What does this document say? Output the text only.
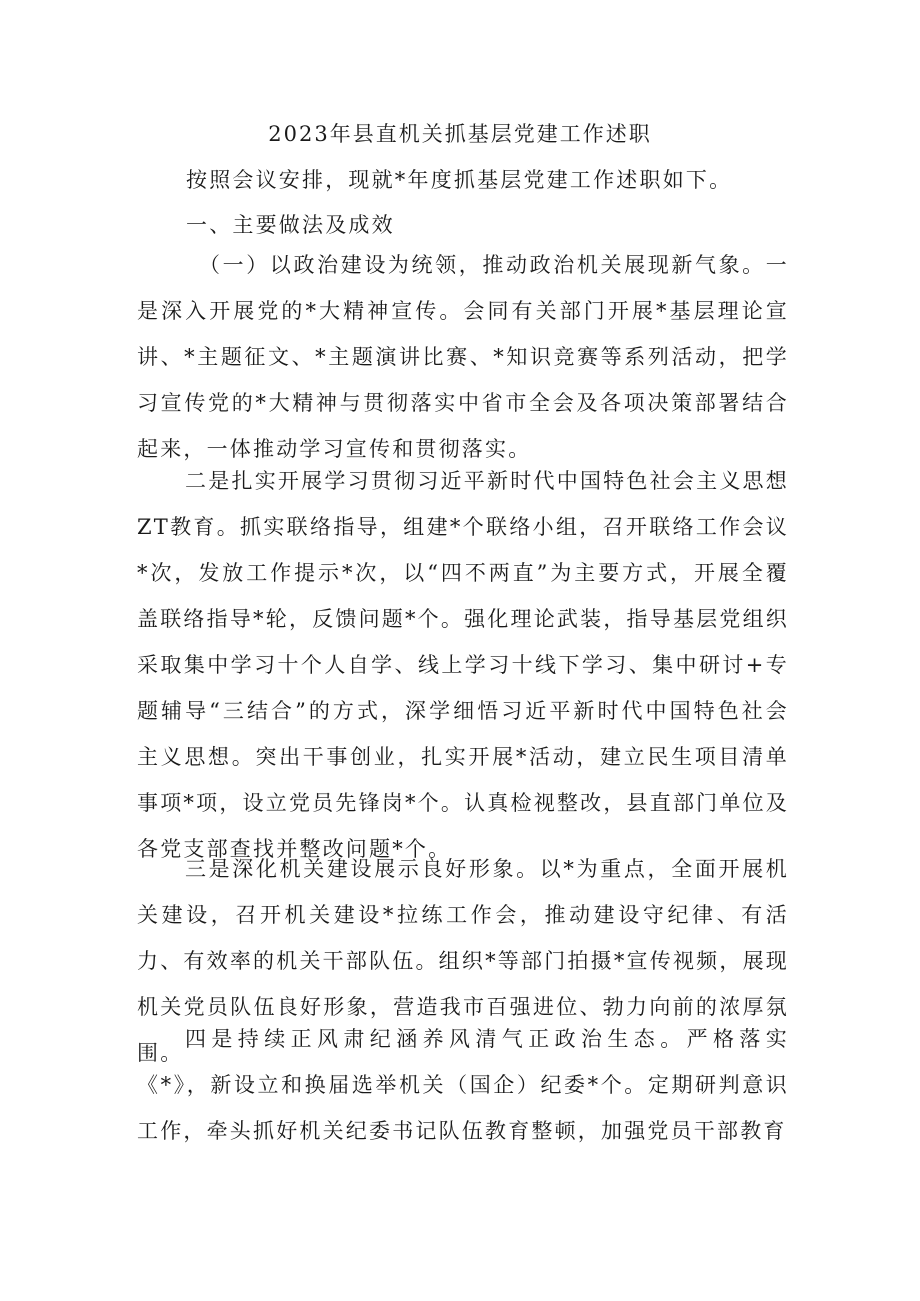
2023年县直机关抓基层党建工作述职

按照会议安排，现就*年度抓基层党建工作述职如下。

一、主要做法及成效

（一）以政治建设为统领，推动政治机关展现新气象。一是深入开展党的*大精神宣传。会同有关部门开展*基层理论宣讲、*主题征文、*主题演讲比赛、*知识竞赛等系列活动，把学习宣传党的*大精神与贯彻落实中省市全会及各项决策部署结合起来，一体推动学习宣传和贯彻落实。

二是扎实开展学习贯彻习近平新时代中国特色社会主义思想ZT教育。抓实联络指导，组建*个联络小组，召开联络工作会议*次，发放工作提示*次，以“四不两直”为主要方式，开展全覆盖联络指导*轮，反馈问题*个。强化理论武装，指导基层党组织采取集中学习十个人自学、线上学习十线下学习、集中研讨+专题辅导“三结合”的方式，深学细悟习近平新时代中国特色社会主义思想。突出干事创业，扎实开展*活动，建立民生项目清单事项*项，设立党员先锋岗*个。认真检视整改，县直部门单位及各党支部查找并整改问题*个。

三是深化机关建设展示良好形象。以*为重点，全面开展机关建设，召开机关建设*拉练工作会，推动建设守纪律、有活力、有效率的机关干部队伍。组织*等部门拍摄*宣传视频，展现机关党员队伍良好形象，营造我市百强进位、勃力向前的浓厚氛围。

四是持续正风肃纪涵养风清气正政治生态。严格落实《*》，新设立和换届选举机关（国企）纪委*个。定期研判意识工作，牵头抓好机关纪委书记队伍教育整顿，加强党员干部教育
